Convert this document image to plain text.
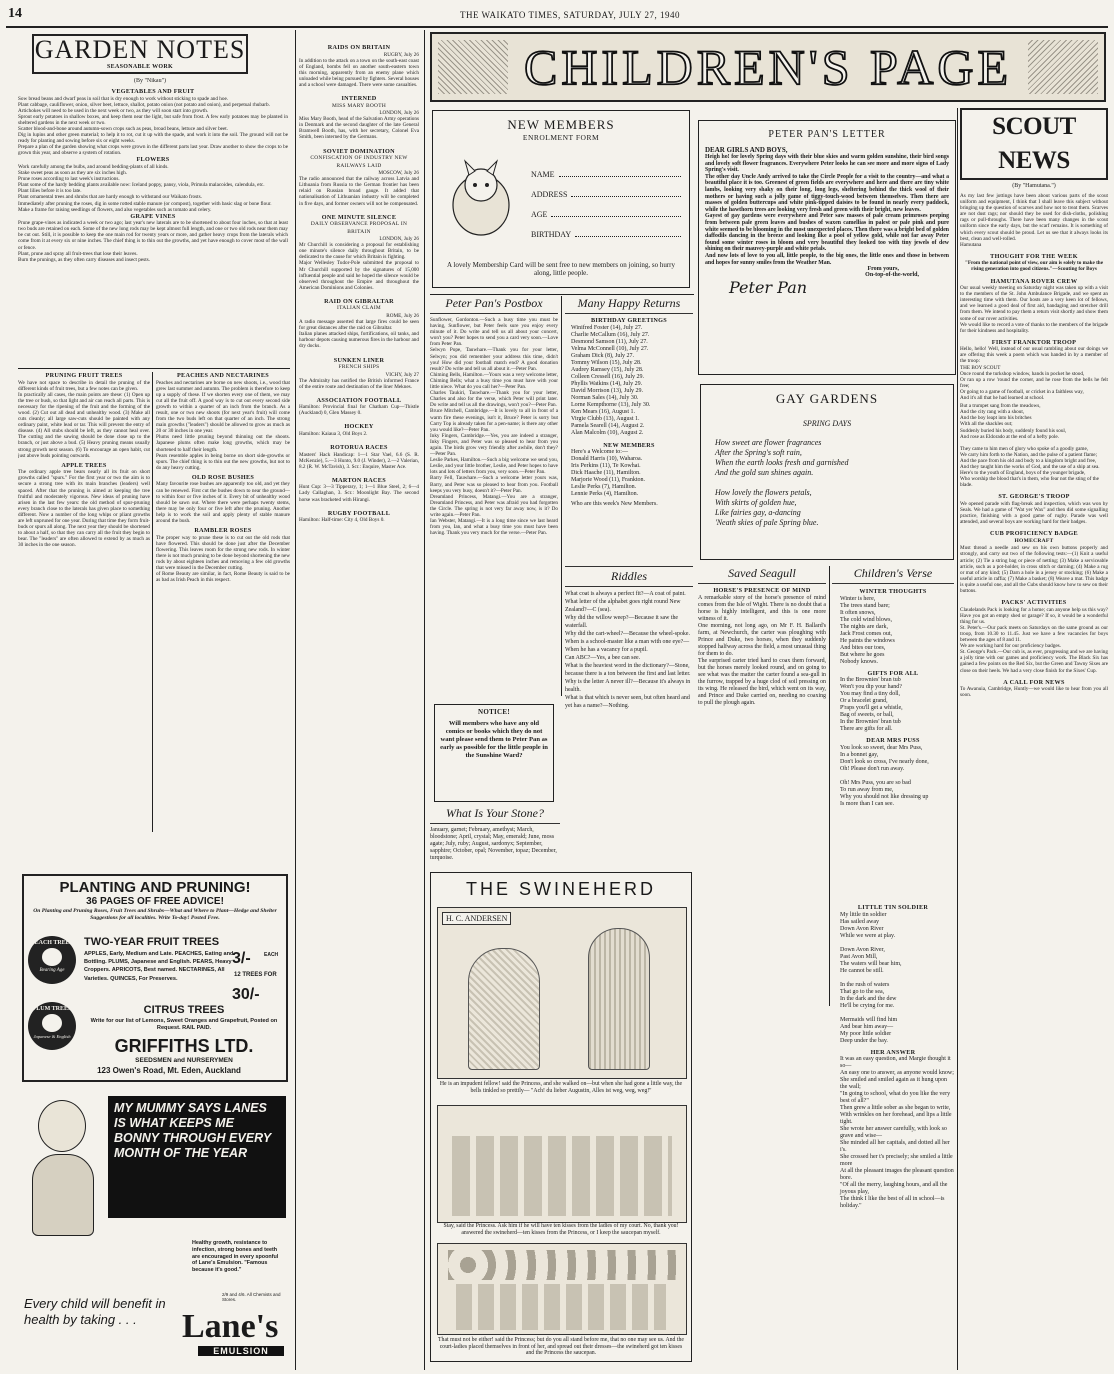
14	THE WAIKATO TIMES, SATURDAY, JULY 27, 1940
GARDEN NOTES
SEASONABLE WORK
(By "Nikau")
VEGETABLES AND FRUIT
Sow bread beans and dwarf peas in soil that is dry enough to work without sticking to spade and hoe.
Plant cabbage, cauliflower, onion, silver beet, lettuce, shallot, potato onion (not potato and onion), and perpetual rhubarb.
Artichokes will need to be used in the next week or two, as they will soon start into growth.
Sprout early potatoes in shallow boxes, and keep them near the light, but safe from frost. A few early potatoes may be planted in sheltered gardens in the next week or two.
Scatter blood-and-bone around autumn-sown crops such as peas, broad beans, lettuce and silver beet.
Dig in lupins and other green material; to help it to rot, cut it up with the spade, and work it into the soil. The ground will not be ready for planting and sowing before six or eight weeks.
Prepare a plan of the garden showing what crops were grown in the different parts last year. Draw another to show the crops to be grown this year, and observe a system of rotation.
FLOWERS
Work carefully among the bulbs, and around bedding-plants of all kinds.
Stake sweet peas as soon as they are six inches high.
Prune roses according to last week's instructions.
Plant some of the hardy bedding plants available now: Iceland poppy, pansy, viola, Primula malacoides, calendula, etc.
Plant lilies before it is too late.
Plant ornamental trees and shrubs that are hardy enough to withstand our Waikato frosts.
Immediately after pruning the roses, dig in some rotted stable manure (or compost), together with basic slag or bone flour.
Make a frame for raising seedlings of flowers, and also vegetables such as tomato and celery.
GRAPE VINES
Prune grape-vines as indicated a week or two ago; last year's new laterals are to be shortened to about four inches, so that at least two buds are retained on each. Some of the new long rods may be kept almost full length, and one or two old rods near them may be cut out. Still, it is possible to keep the one main rod for twenty years or more, and gather heavy crops from the laterals which come from it at every six or nine inches. The chief thing is to thin out the growths, and yet have enough to cover most of the wall or fence.
Plant, prune and spray all fruit-trees that lose their leaves.
Burn the prunings, as they often carry diseases and insect pests.
PRUNING FRUIT TREES
We have not space to describe in detail the pruning of the different kinds of fruit trees, but a few notes can be given.
In practically all cases, the main points are these: (1) Open up the tree or bush, so that light and air can reach all parts. This is necessary for the ripening of the fruit and the forming of the wood. (2) Cut out all dead and unhealthy wood. (3) Make all cuts cleanly; all large saw-cuts should be painted with any ordinary paint, white lead or tar. This will prevent the entry of disease. (4) All stubs should be left, as they cannot heal over. The cutting and the sawing should be done close up to the branch, or just above a bud. (5) Heavy pruning means usually strong growth next season. (6) To encourage an open habit, cut just above buds pointing outwards.
APPLE TREES
The ordinary apple tree bears nearly all its fruit on short growths called "spurs." For the first year or two the aim is to secure a strong tree with its main branches (leaders) well spaced. After that the pruning is aimed at keeping the tree fruitful and moderately vigorous. New ideas of pruning have arisen in the last few years: the old method of spur-pruning every branch close to the laterals has given place to something different. Now a number of the long whips or pliant growths are left unpruned for one year. During that time they form fruit-buds or spurs all along. The next year they should be shortened to about a half, so that they can carry all the fruit they begin to bear. The "leaders" are often allowed to extend by as much as 30 inches in the one season.
PEACHES AND NECTARINES
Peaches and nectarines are borne on new shoots, i.e., wood that grew last summer and autumn. The problem is therefore to keep up a supply of these. If we shorten every one of them, we may cut all the fruit off. A good way is to cut out every second side growth to within a quarter of an inch from the branch. As a result, one or two new shoots (for next year's fruit) will come from the two buds left on that quarter of an inch. The strong main growths ("leaders") should be allowed to grow as much as 20 or 30 inches in one year.
Plums need little pruning beyond thinning out the shoots. Japanese plums often make long growths, which may be shortened to half their length.
Pears resemble apples in being borne on short side-growths or spurs. The chief thing is to thin out the new growths, but not to do any heavy cutting.
OLD ROSE BUSHES
Many favourite rose bushes are apparently too old, and yet they can be renewed. First cut the bushes down to near the ground—to within four or five inches of it. Every bit of unhealthy wood should be sawn out. Where there were perhaps twenty stems, there may be only four or five left after the pruning. Another help is to work the soil and apply plenty of stable manure around the bush.
RAMBLER ROSES
The proper way to prune these is to cut out the old rods that have flowered. This should be done just after the December flowering. This leaves room for the strong new rods. In winter there is not much pruning to be done beyond shortening the new rods by about eighteen inches and removing a few old growths that were missed in the December cutting.
of Rome Beauty are similar, in fact, Rome Beauty is said to be as bad as Irish Peach in this respect.
PLANTING AND PRUNING!
36 PAGES OF FREE ADVICE!
On Planting and Pruning Roses, Fruit Trees and Shrubs—What and Where to Plant—Hedge and Shelter Suggestions for all localities. Write To-day! Posted Free.
PEACH TREES
Bearing Age
TWO-YEAR FRUIT TREES
APPLES, Early, Medium and Late. PEACHES, Eating and Bottling. PLUMS, Japanese and English. PEARS, Heavy Croppers. APRICOTS, Best named. NECTARINES, All Varieties. QUINCES, For Preserves.
3/-	EACH
12 TREES FOR
30/-
CITRUS TREES
PLUM TREES
Japanese & English
Write for our list of Lemons, Sweet Oranges and Grapefruit, Posted on Request. RAIL PAID.
GRIFFITHS LTD.
SEEDSMEN and NURSERYMEN
123 Owen's Road, Mt. Eden, Auckland
MY MUMMY SAYS LANES IS WHAT KEEPS ME BONNY THROUGH EVERY MONTH OF THE YEAR
Healthy growth, resistance to infection, strong bones and teeth are encouraged in every spoonful of Lane's Emulsion. "Famous because it's good."
2/9 and 4/6. All Chemists and Stores.
Every child will benefit in health by taking . . .	Lane's
EMULSION
RAIDS ON BRITAIN
RUGBY, July 26
In addition to the attack on a town on the south-east coast of England, bombs fell on another south-eastern town this morning, apparently from an enemy plane which unloaded while being pursued by fighters. Several houses and a school were damaged. There were some casualties.
INTERNED
MISS MARY BOOTH
LONDON, July 26
Miss Mary Booth, head of the Salvation Army operations in Denmark and the second daughter of the late General Bramwell Booth, has, with her secretary, Colonel Eva Smith, been interned by the Germans.
SOVIET DOMINATION
CONFISCATION OF INDUSTRY NEW RAILWAYS LAID
MOSCOW, July 26
The radio announced that the railway across Latvia and Lithuania from Russia to the German frontier has been relaid on Russian broad gauge. It added that nationalisation of Lithuanian industry will be completed in five days, and former owners will not be compensated.
ONE MINUTE SILENCE
DAILY OBSERVANCE PROPOSAL IN BRITAIN
LONDON, July 26
Mr Churchill is considering a proposal for establishing one minute's silence daily throughout Britain, to be dedicated to the cause for which Britain is fighting.
Major Wellesley Tudor-Pole submitted the proposal to Mr Churchill supported by the signatures of 15,000 influential people and said he hoped the silence would be observed throughout the Empire and throughout the American Dominions and Colonies.
RAID ON GIBRALTAR
ITALIAN CLAIM
ROME, July 26
A radio message asserted that large fires could be seen for great distances after the raid on Gibraltar.
Italian planes attacked ships, fortifications, oil tanks, and harbour depots causing numerous fires in the harbour and dry docks.
SUNKEN LINER
FRENCH SHIPS
VICHY, July 27
The Admiralty has notified the British informed France of the entire route and destination of the liner Meknes.
ASSOCIATION FOOTBALL
Hamilton: Provincial final for Chatham Cup—Thistle (Auckland) 0, Glen Massey 0.
HOCKEY
Hamilton: Kaiaua 3, Old Boys 2.
ROTORUA RACES
Masters' Hack Handicap: 1—1 Star Vael, 6.6 (S. R. McKenzie), 5.—3 Hunto, 9.0 (J. Winder), 2.—2 Valerian, 8.2 (R. W. McTavish), 3. Scr.: Enquire, Master Ace.
MARTON RACES
Hunt Cup: 3—3 Tipperary, 1; 1—1 Blue Steel, 2; 6—4 Lady Callaghan, 3. Scr.: Moonlight Bay. The second horse was bracketed with Hirangi.
RUGBY FOOTBALL
Hamilton: Half-time: City 4, Old Boys 0.
CHILDREN'S PAGE
NEW MEMBERS
ENROLMENT FORM
NAME
ADDRESS
AGE
BIRTHDAY
A lovely Membership Card will be sent free to new members on joining, so hurry along, little people.
PETER PAN'S LETTER
DEAR GIRLS AND BOYS,
Heigh ho! for lovely Spring days with their blue skies and warm golden sunshine, their bird songs and lovely soft flower fragrances. Everywhere Peter looks he can see more and more signs of Lady Spring's visit.
The other day Uncle Andy arrived to take the Circle People for a visit to the country—and what a beautiful place it is too. Greenest of green fields are everywhere and here and there are tiny white lambs, looking very shaky on their long, long legs, sheltering behind the thick wool of their mothers or having such a jolly game of tiggy-touch-wood between themselves. Then there are masses of golden buttercups and white pink-tipped daisies to be found in nearly every paddock, while the hawthorn trees are looking very fresh and green with their bright, new leaves.
Gayest of gay gardens were everywhere and Peter saw masses of pale cream primroses peeping from between pale green leaves and bushes of waxen camellias in palest or pale pink and pure white seemed to be blooming in the most unexpected places. Then there was a bright bed of golden daffodils dancing in the breeze and looking like a pool of yellow gold, while not far away Peter found some winter roses in bloom and very beautiful they looked too with tiny jewels of dew shining on their mauvey-purple and white petals.
And now lots of love to you all, little people, to the big ones, the little ones and those in between and hopes for sunny smiles from the Weather Man.
From yours,
On-top-of-the-world,
Peter Pan
SCOUT NEWS
(By "Hamutana.")
As my last few jottings have been about various parts of the scout uniform and equipment, I think that I shall leave this subject without bringing up the question of scarves and how not to treat them. Scarves are not dust rags; nor should they be used for dish-cloths, polishing rags or pull-throughs. There have been many changes in the scout uniform since the early days, but the scarf remains. It is something of which every scout should be proud. Let us see that it always looks its best, clean and well-rolled.
Hamutana
THOUGHT FOR THE WEEK
"From the national point of view, our aim is solely to make the rising generation into good citizens."—Scouting for Boys
HAMUTANA ROVER CREW
Our usual weekly meeting on Saturday night was taken up with a visit to the members of the St. John Ambulance Brigade, and we spent an interesting time with them. Our hosts are a very keen lot of fellows, and we learned a good deal of first aid, bandaging and stretcher drill from them. We intend to pay them a return visit shortly and show them some of our rover activities.
We would like to record a vote of thanks to the members of the brigade for their kindness and hospitality.
FIRST FRANKTOR TROOP
Hello, hello! Well, instead of our usual rambling about our doings we are offering this week a poem which was handed in by a member of the troop:
THE BOY SCOUT
Once round the turkshop window, hands in pocket he stood,
Or ran up a row 'round the corner, and he rose from the bells he felt free;
Or going to a game of football, or cricket in a faithless way,
And it's all that he had learned at school.
But a trumpet sang from the meadows,
And the city rang with a shout,
And the boy leapt into his britches
With all the shackles out;
Suddenly buried his body, suddenly found his soul,
And rose as Eldorado at the end of a hefty pole.

They came to him men of glory who spoke of a goodly game,
We carry him forth to the Nation, and the pulse of a patient flame;
And the pace from his old and body to a kingdom bright and free,
And they taught him the works of God, and the use of a ship at sea.
Here's to the youth of England, boys of the younger brigade,
Who worship the blood that's in them, who fear not the sting of the blade.
ST. GEORGE'S TROOP
We opened parade with flag-break and inspection, which was won by Seals. We had a game of "Wat yer Wax" and then did some signalling practice, finishing with a good game of rugby. Parade was well attended, and several boys are working hard for their badges.
CUB PROFICIENCY BADGE
HOMECRAFT
Must thread a needle and sew on his own buttons properly and strongly, and carry out two of the following tests:—(1) Knit a useful article; (2) Tie a string bag or piece of netting; (3) Make a serviceable article, such as a pot-holder, in cross stitch or darning; (4) Make a rug or mat of any kind; (5) Darn a hole in a jersey or stocking; (6) Make a useful article in raffia; (7) Make a basket; (8) Weave a mat. This badge is quite a useful one, and all the Cubs should know how to sew on their buttons.
PACKS' ACTIVITIES
Claudelands Pack is looking for a home; can anyone help us this way? Have you got an empty shed or garage? If so, it would be a wonderful thing for us.
St. Peter's.—Our pack meets on Saturdays on the same ground as our troop, from 10.30 to 11.45. Just we have a few vacancies for boys between the ages of 8 and 11.
We are working hard for our proficiency badges.
St. George's Pack.—Our cub is, as ever, progressing and we are having a jolly time with our games and proficiency work. The Black Six has gained a few points on the Red Six, but the Green and Tawny Sixes are close on their heels. We had a very close finish for the Sixes' Cup.
A CALL FOR NEWS
To Awanuia, Cambridge, Huntly—we would like to hear from you all soon.
Peter Pan's Postbox
Sunflower, Gordonton.—Such a busy time you must be having, Sunflower, but Peter feels sure you enjoy every minute of it. Do write and tell us all about your concert, won't you? Peter hopes to send you a card very soon.—Love from Peter Pan.
Selwyn Pope, Tauwhare.—Thank you for your letter, Selwyn; you did remember your address this time, didn't you! How did your football match end? A good donation result? Do write and tell us all about it.—Peter Pan.
Chiming Bells, Hamilton.—Yours was a very welcome letter, Chiming Bells; what a busy time you must have with your little niece. What do you call her?—Peter Pan.
Charles Taukiri, Tauwhare.—Thank you for your letter, Charles and also for the verse, which Peter will print later. Do write and tell us all the drawings, won't you?—Peter Pan.
Bruce Mitchell, Cambridge.—It is lovely to all in front of a warm fire these evenings, isn't it, Bruce? Peter is sorry but Carry Top is already taken for a pen-name; is there any other you would like?—Peter Pan.
Inky Fingers, Cambridge.—Yes, you are indeed a stranger, Inky Fingers, and Peter was so pleased to hear from you again. The birds grow very friendly after awhile, don't they?—Peter Pan.
Leslie Parkes, Hamilton.—Such a big welcome we send you, Leslie, and your little brother, Leslie, and Peter hopes to have lots and lots of letters from you, very soon.—Peter Pan.
Barry Fell, Tauwhare.—Such a welcome letter yours was, Barry, and Peter was so pleased to hear from you. Football keeps you very busy, doesn't it?—Peter Pan.
Dreamland Princess, Matangi.—You are a stranger, Dreamland Princess, and Peter was afraid you had forgotten the Circle. The spring is not very far away now, is it? Do write again.—Peter Pan.
Ian Webster, Matangi.—It is a long time since we last heard from you, Ian, and what a busy time you must have been having. Thank you very much for the verse.—Peter Pan.
Many Happy Returns
BIRTHDAY GREETINGS
Winifred Foster (14), July 27.
Charlie McCallum (16), July 27.
Desmond Samson (11), July 27.
Velma McConnell (10), July 27.
Graham Dick (8), July 27.
Tommy Wilson (15), July 28.
Audrey Ramsey (15), July 28.
Colleen Cressell (16), July 29.
Phyllis Watkins (14), July 29.
David Morrison (13), July 29.
Norman Sales (14), July 30.
Lorne Kempthorne (13), July 30.
Ken Mears (16), August 1.
Virgie Clubb (13), August 1.
Pamela Searell (14), August 2.
Alan Malcolm (10), August 2.
NEW MEMBERS
Here's a Welcome to:—
Donald Harris (10), Waharoa.
Iris Perkins (11), Te Kowhai.
Dick Haache (11), Hamilton.
Marjorie Wood (11), Frankton.
Leslie Perks (7), Hamilton.
Lennie Perks (4), Hamilton.
Who are this week's New Members.
Riddles
What coat is always a perfect fit?—A coat of paint.
What letter of the alphabet goes right round New Zealand?—C (sea).
Why did the willow weep?—Because it saw the waterfall.
Why did the cart-wheel?—Because the wheel-spoke.
When is a school-master like a man with one eye?—When he has a vacancy for a pupil.
Can ABC?—Yes, a bee can see.
What is the heaviest word in the dictionary?—Stone, because there is a ton between the first and last letter.
Why is the letter A never ill?—Because it's always in health.
What is that which is never seen, but often heard and yet has a name?—Nothing.
NOTICE!
Will members who have any old comics or books which they do not want please send them to Peter Pan as early as possible for the little people in the Sunshine Ward?
What Is Your Stone?
January, garnet; February, amethyst; March, bloodstone; April, crystal; May, emerald; June, moss agate; July, ruby; August, sardonyx; September, sapphire; October, opal; November, topaz; December, turquoise.
GAY GARDENS
SPRING DAYS
How sweet are flower fragrances
After the Spring's soft rain,
When the earth looks fresh and garnished
And the gold sun shines again.

How lovely the flowers petals,
With skirts of golden hue,
Like fairies gay, a-dancing
'Neath skies of pale Spring blue.
Saved Seagull
HORSE'S PRESENCE OF MIND
A remarkable story of the horse's presence of mind comes from the Isle of Wight. There is no doubt that a horse is highly intelligent, and this is one more witness of it.
One morning, not long ago, on Mr F. H. Ballard's farm, at Newchurch, the carter was ploughing with Prince and Duke, two horses, when they suddenly stopped halfway across the field, a most unusual thing for them to do.
The surprised carter tried hard to coax them forward, but the horses merely looked round, and on going to see what was the matter the carter found a sea-gull in the furrow, trapped by a huge clod of soil pressing on its wing. He released the bird, which went on its way, and Prince and Duke carried on, needing no coaxing to pull the plough again.
Children's Verse
WINTER THOUGHTS
Winter is here,
The trees stand bare;
It often snows,
The cold wind blows,
The nights are dark,
Jack Frost comes out,
He paints the windows
And bites our toes,
But where he goes
Nobody knows.
GIFTS FOR ALL
In the Brownies' bran tub
Won't you dip your hand?
You may find a tiny doll,
Or a bracelet grand,
P'raps you'll get a whistle,
Bag of sweets, or ball,
In the Brownies' bran tub
There are gifts for all.
DEAR MRS PUSS
You look so sweet, dear Mrs Puss,
In a bonnet gay,
Don't look so cross, I've nearly done,
Oh! Please don't run away.

Oh! Mrs Puss, you are so bad
To run away from me,
Why you should not like dressing up
Is more than I can see.
LITTLE TIN SOLDIER
My little tin soldier
Has sailed away
Down Avon River
While we were at play.

Down Avon River,
Past Avon Mill,
The waters will bear him,
He cannot be still.

In the rush of waters
That go to the sea,
In the dark and the dew
He'll be crying for me.

Mermaids will find him
And bear him away—
My poor little soldier
Deep under the bay.
HER ANSWER
It was an easy question, and Margie thought it so—
An easy one to answer, as anyone would know;
She smiled and smiled again as it hung upon the wall;
"In going to school, what do you like the very best of all?"
Then grew a little sober as she began to write,
With wrinkles on her forehead, and lips a little tight.
She wrote her answer carefully, with look so grave and wise—
She minded all her capitals, and dotted all her i's.
She crossed her t's precisely; she smiled a little more
At all the pleasant images the pleasant question bore.
"Of all the merry, laughing hours, and all the joyous play,
The think I like the best of all in school—is holiday."
THE SWINEHERD
H. C. ANDERSEN
He is an impudent fellow! said the Princess, and she walked on—but when she had gone a little way, the bells tinkled so prettily— "Ach! du lieber Augustin, Alles ist weg, weg, weg!"
Stay, said the Princess. Ask him if he will have ten kisses from the ladies of my court. No, thank you! answered the swineherd—ten kisses from the Princess, or I keep the saucepan myself.
That must not be either! said the Princess; but do you all stand before me, that no one may see us. And the court-ladies placed themselves in front of her, and spread out their dresses—the swineherd got ten kisses and the Princess the saucepan.
